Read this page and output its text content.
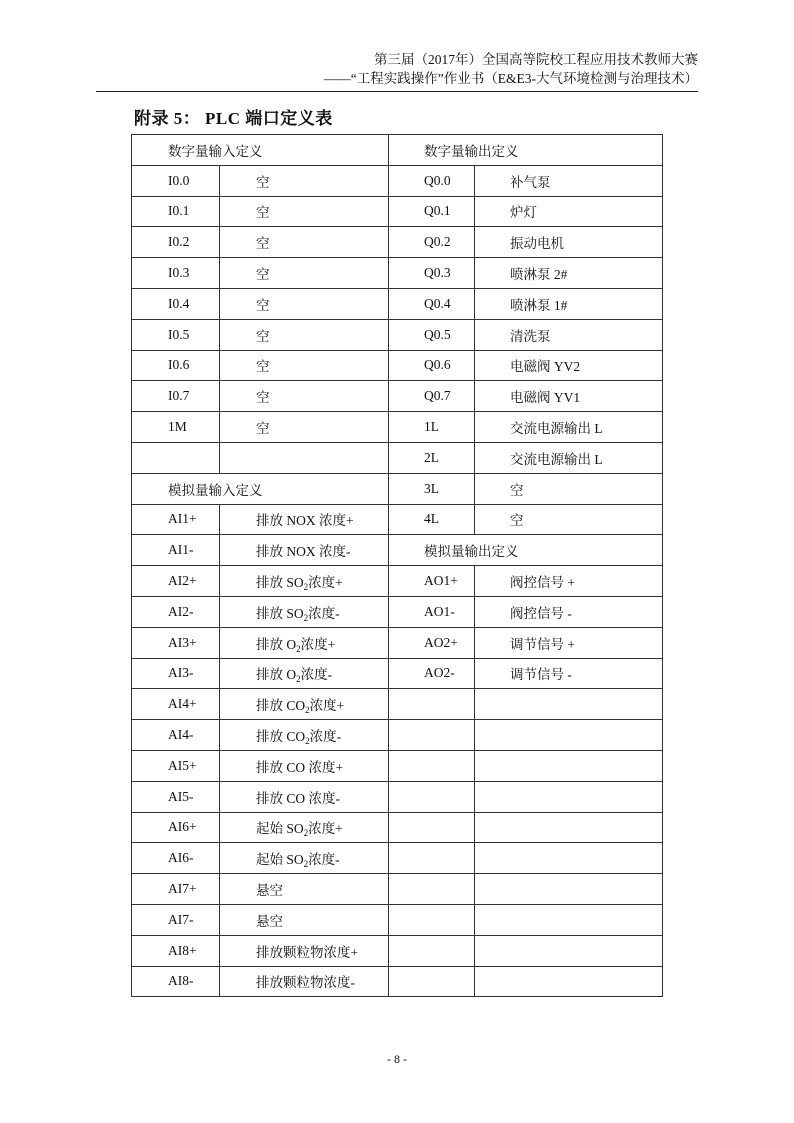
第三届（2017年）全国高等院校工程应用技术教师大赛
——“工程实践操作”作业书（E&E3-大气环境检测与治理技术）
附录 5： PLC 端口定义表
数字量输入定义		数字量输出定义	
I0.0	空	Q0.0	补气泵
I0.1	空	Q0.1	炉灯
I0.2	空	Q0.2	振动电机
I0.3	空	Q0.3	喷淋泵 2#
I0.4	空	Q0.4	喷淋泵 1#
I0.5	空	Q0.5	清洗泵
I0.6	空	Q0.6	电磁阀 YV2
I0.7	空	Q0.7	电磁阀 YV1
1M	空	1L	交流电源输出 L
		2L	交流电源输出 L
模拟量输入定义		3L	空
AI1+	排放 NOX 浓度+	4L	空
AI1-	排放 NOX 浓度-	模拟量输出定义	
AI2+	排放 $SO_2$浓度+	AO1+	阀控信号 +
AI2-	排放 $SO_2$浓度-	AO1-	阀控信号 -
AI3+	排放 $O_2$浓度+	AO2+	调节信号 +
AI3-	排放 $O_2$浓度-	AO2-	调节信号 -
AI4+	排放 $CO_2$浓度+		
AI4-	排放 $CO_2$浓度-		
AI5+	排放 CO 浓度+		
AI5-	排放 CO 浓度-		
AI6+	起始 $SO_2$浓度+		
AI6-	起始 $SO_2$浓度-		
AI7+	悬空		
AI7-	悬空		
AI8+	排放颗粒物浓度+		
AI8-	排放颗粒物浓度-		
- 8 -
